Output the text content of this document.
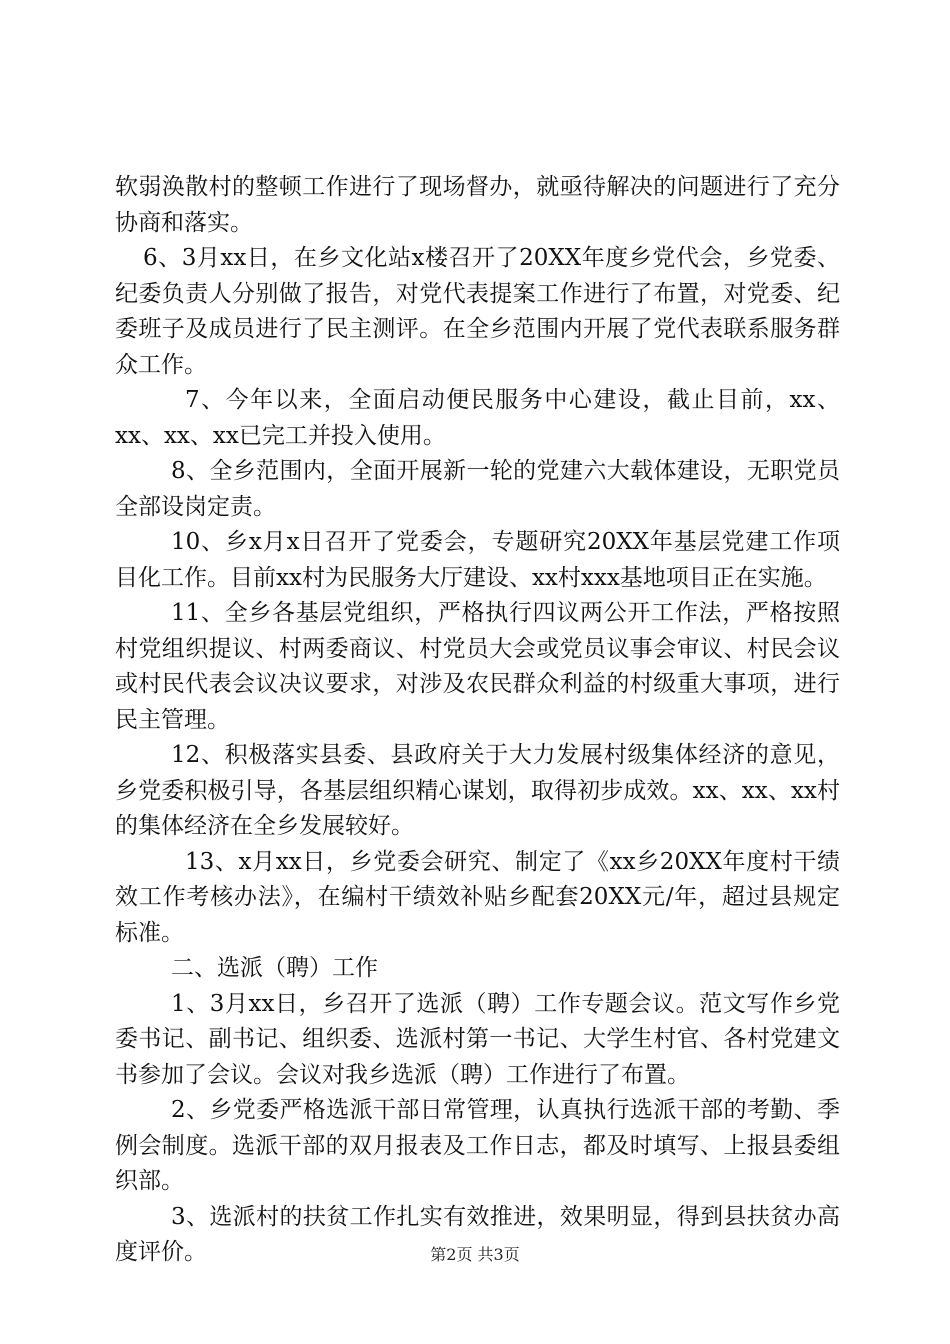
软弱涣散村的整顿工作进行了现场督办，就亟待解决的问题进行了充分协商和落实。

6、3月xx日，在乡文化站x楼召开了20XX年度乡党代会，乡党委、纪委负责人分别做了报告，对党代表提案工作进行了布置，对党委、纪委班子及成员进行了民主测评。在全乡范围内开展了党代表联系服务群众工作。

7、今年以来，全面启动便民服务中心建设，截止目前，xx、xx、xx、xx已完工并投入使用。

8、全乡范围内，全面开展新一轮的党建六大载体建设，无职党员全部设岗定责。

10、乡x月x日召开了党委会，专题研究20XX年基层党建工作项目化工作。目前xx村为民服务大厅建设、xx村xxx基地项目正在实施。

11、全乡各基层党组织，严格执行四议两公开工作法，严格按照村党组织提议、村两委商议、村党员大会或党员议事会审议、村民会议或村民代表会议决议要求，对涉及农民群众利益的村级重大事项，进行民主管理。

12、积极落实县委、县政府关于大力发展村级集体经济的意见，乡党委积极引导，各基层组织精心谋划，取得初步成效。xx、xx、xx村的集体经济在全乡发展较好。

13、x月xx日，乡党委会研究、制定了《xx乡20XX年度村干绩效工作考核办法》，在编村干绩效补贴乡配套20XX元/年，超过县规定标准。

二、选派（聘）工作

1、3月xx日，乡召开了选派（聘）工作专题会议。范文写作乡党委书记、副书记、组织委、选派村第一书记、大学生村官、各村党建文书参加了会议。会议对我乡选派（聘）工作进行了布置。

2、乡党委严格选派干部日常管理，认真执行选派干部的考勤、季例会制度。选派干部的双月报表及工作日志，都及时填写、上报县委组织部。

3、选派村的扶贫工作扎实有效推进，效果明显，得到县扶贫办高度评价。	第2页 共3页
